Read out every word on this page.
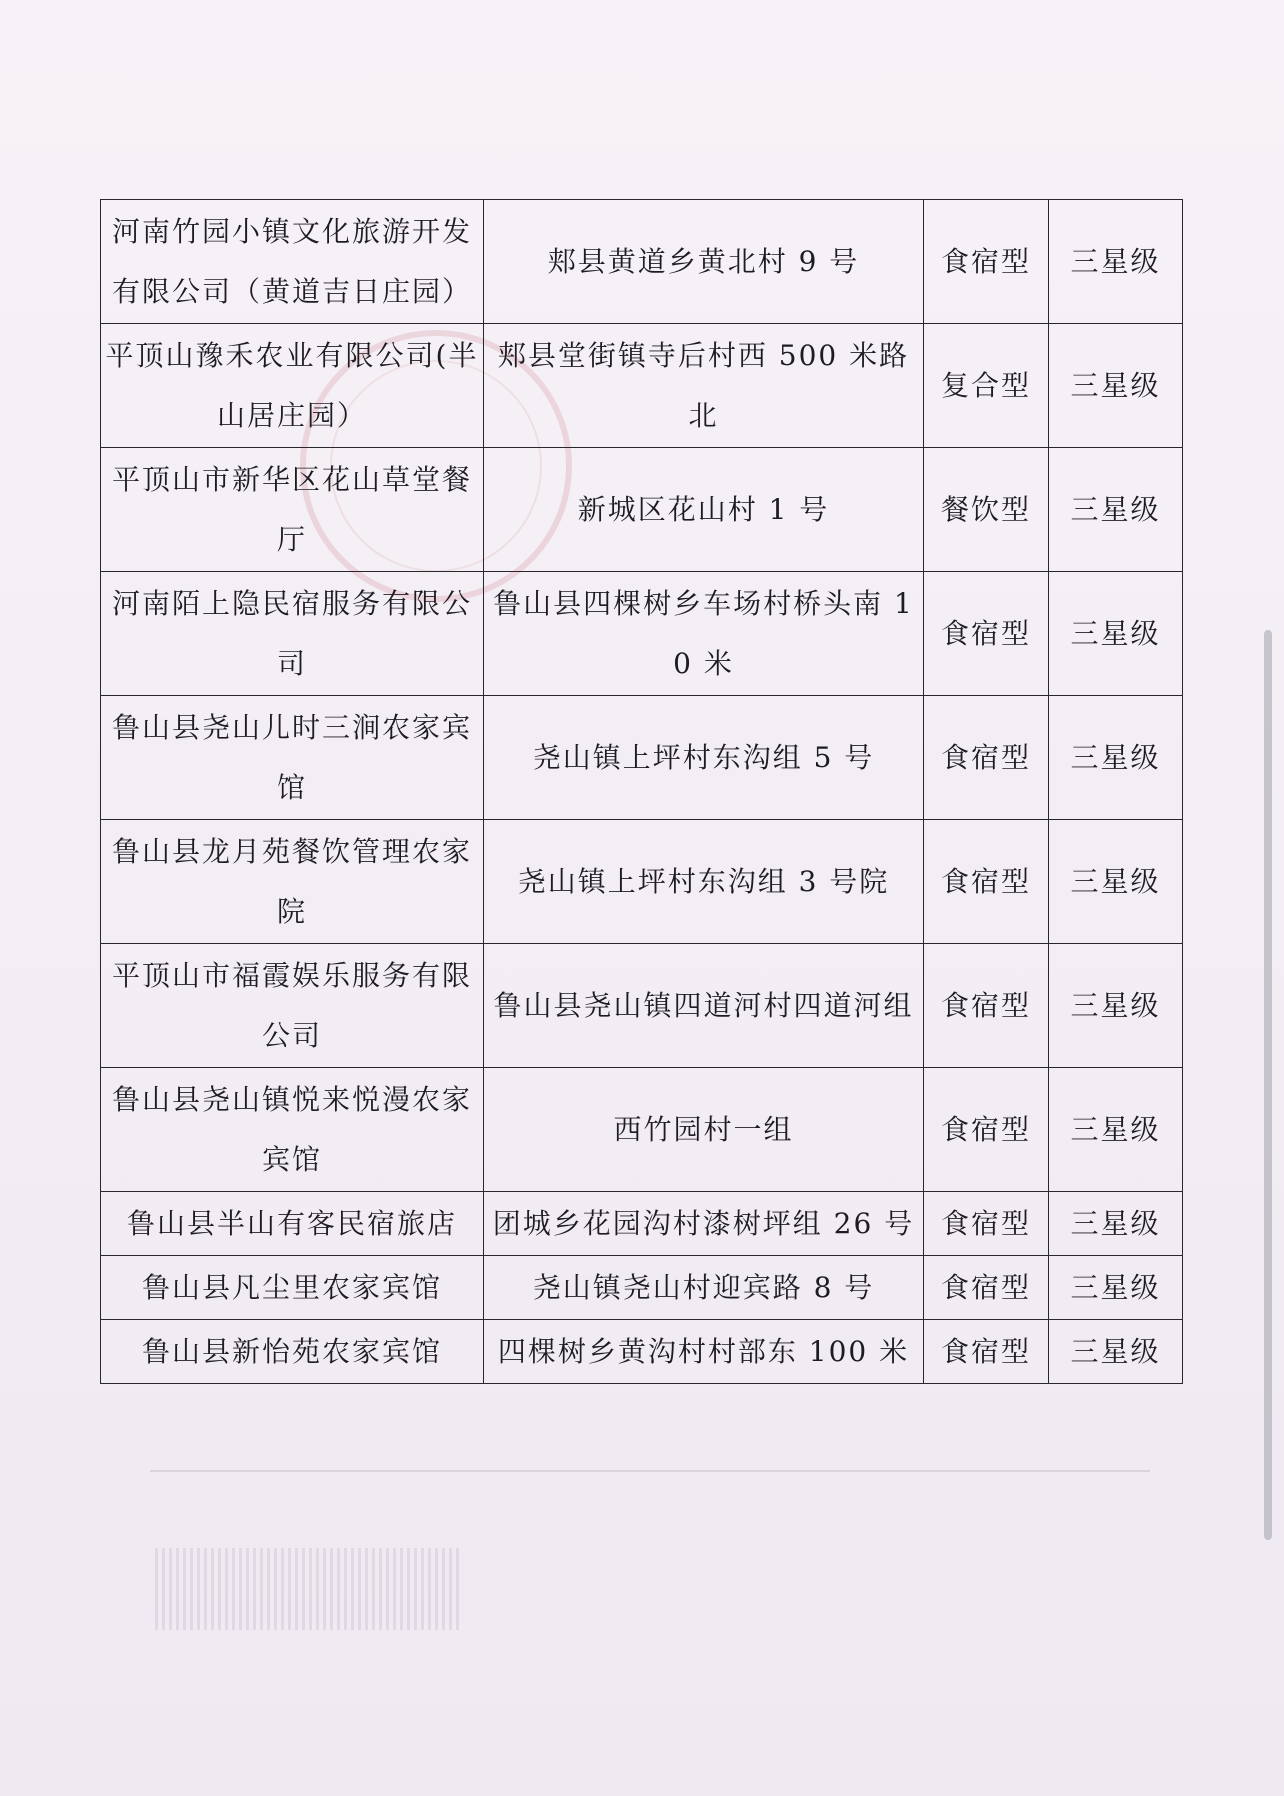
河南竹园小镇文化旅游开发有限公司（黄道吉日庄园）	郏县黄道乡黄北村 9 号	食宿型	三星级
平顶山豫禾农业有限公司(半山居庄园）	郏县堂街镇寺后村西 500 米路北	复合型	三星级
平顶山市新华区花山草堂餐厅	新城区花山村 1 号	餐饮型	三星级
河南陌上隐民宿服务有限公司	鲁山县四棵树乡车场村桥头南 10 米	食宿型	三星级
鲁山县尧山儿时三涧农家宾馆	尧山镇上坪村东沟组 5 号	食宿型	三星级
鲁山县龙月苑餐饮管理农家院	尧山镇上坪村东沟组 3 号院	食宿型	三星级
平顶山市福霞娱乐服务有限公司	鲁山县尧山镇四道河村四道河组	食宿型	三星级
鲁山县尧山镇悦来悦漫农家宾馆	西竹园村一组	食宿型	三星级
鲁山县半山有客民宿旅店	团城乡花园沟村漆树坪组 26 号	食宿型	三星级
鲁山县凡尘里农家宾馆	尧山镇尧山村迎宾路 8 号	食宿型	三星级
鲁山县新怡苑农家宾馆	四棵树乡黄沟村村部东 100 米	食宿型	三星级
